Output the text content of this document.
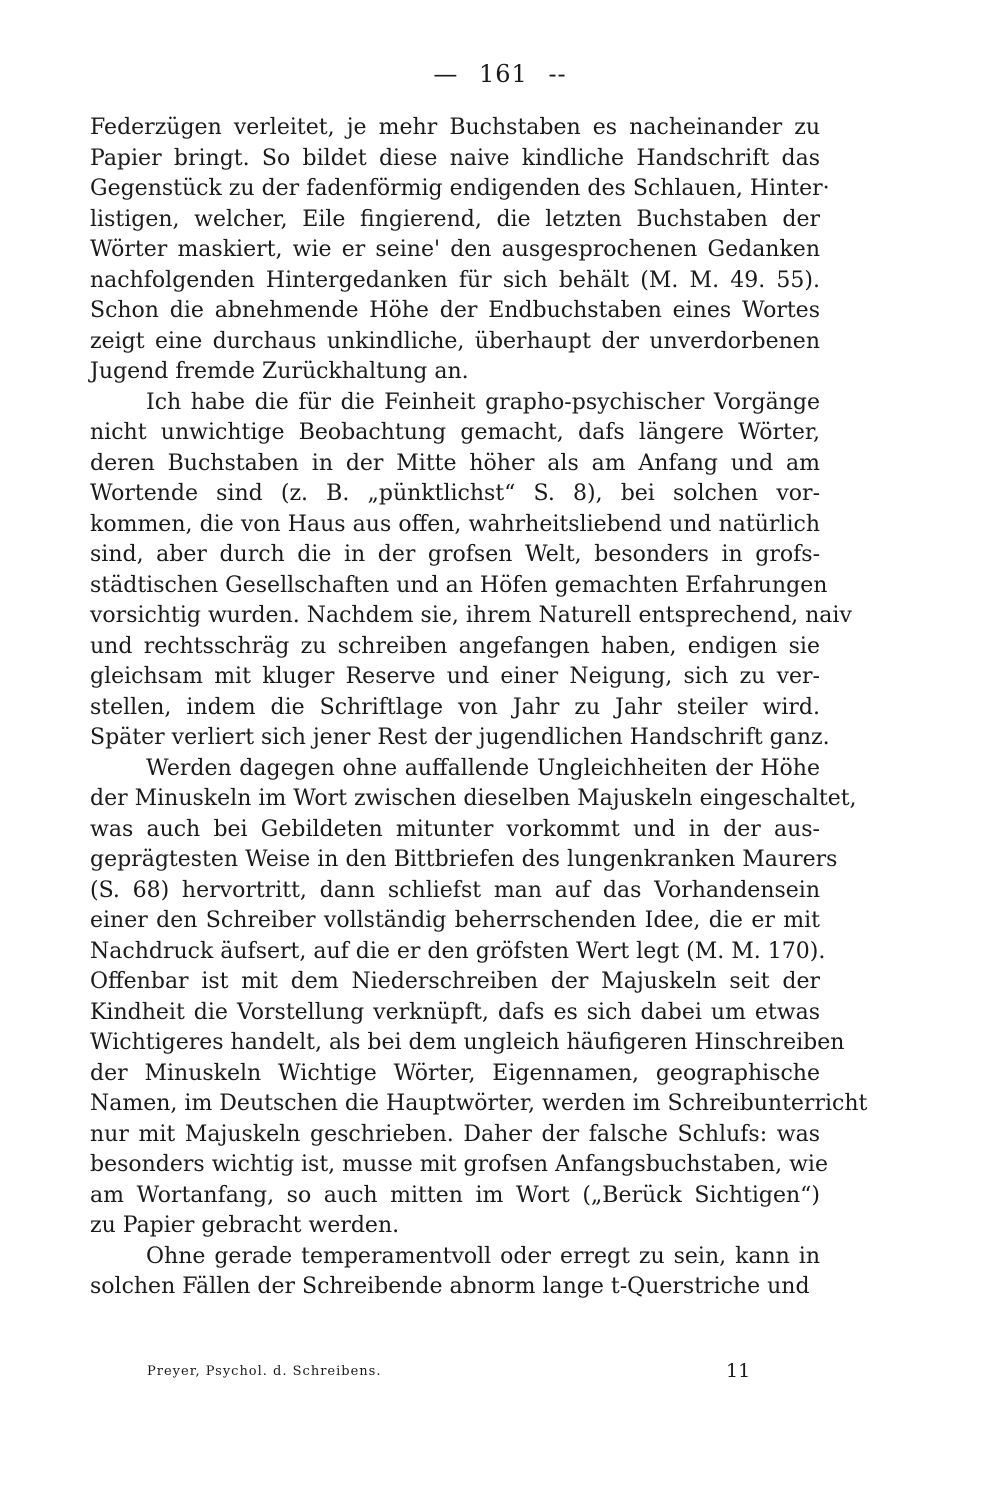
— 161 --

Federzügen verleitet, je mehr Buchstaben es nacheinander zu
Papier bringt. So bildet diese naive kindliche Handschrift das
Gegenstück zu der fadenförmig endigenden des Schlauen, Hinter·
listigen, welcher, Eile fingierend, die letzten Buchstaben der
Wörter maskiert, wie er seine' den ausgesprochenen Gedanken
nachfolgenden Hintergedanken für sich behält (M. M. 49. 55).
Schon die abnehmende Höhe der Endbuchstaben eines Wortes
zeigt eine durchaus unkindliche, überhaupt der unverdorbenen
Jugend fremde Zurückhaltung an.

Ich habe die für die Feinheit grapho-psychischer Vorgänge
nicht unwichtige Beobachtung gemacht, dafs längere Wörter,
deren Buchstaben in der Mitte höher als am Anfang und am
Wortende sind (z. B. „pünktlichst“ S. 8), bei solchen vor-
kommen, die von Haus aus offen, wahrheitsliebend und natürlich
sind, aber durch die in der grofsen Welt, besonders in grofs-
städtischen Gesellschaften und an Höfen gemachten Erfahrungen
vorsichtig wurden. Nachdem sie, ihrem Naturell entsprechend, naiv
und rechtsschräg zu schreiben angefangen haben, endigen sie
gleichsam mit kluger Reserve und einer Neigung, sich zu ver-
stellen, indem die Schriftlage von Jahr zu Jahr steiler wird.
Später verliert sich jener Rest der jugendlichen Handschrift ganz.

Werden dagegen ohne auffallende Ungleichheiten der Höhe
der Minuskeln im Wort zwischen dieselben Majuskeln eingeschaltet,
was auch bei Gebildeten mitunter vorkommt und in der aus-
geprägtesten Weise in den Bittbriefen des lungenkranken Maurers
(S. 68) hervortritt, dann schliefst man auf das Vorhandensein
einer den Schreiber vollständig beherrschenden Idee, die er mit
Nachdruck äufsert, auf die er den gröfsten Wert legt (M. M. 170).
Offenbar ist mit dem Niederschreiben der Majuskeln seit der
Kindheit die Vorstellung verknüpft, dafs es sich dabei um etwas
Wichtigeres handelt, als bei dem ungleich häufigeren Hinschreiben
der Minuskeln Wichtige Wörter, Eigennamen, geographische
Namen, im Deutschen die Hauptwörter, werden im Schreibunterricht
nur mit Majuskeln geschrieben. Daher der falsche Schlufs: was
besonders wichtig ist, musse mit grofsen Anfangsbuchstaben, wie
am Wortanfang, so auch mitten im Wort („Berück Sichtigen“)
zu Papier gebracht werden.

Ohne gerade temperamentvoll oder erregt zu sein, kann in
solchen Fällen der Schreibende abnorm lange t-Querstriche und

Preyer, Psychol. d. Schreibens.	11
